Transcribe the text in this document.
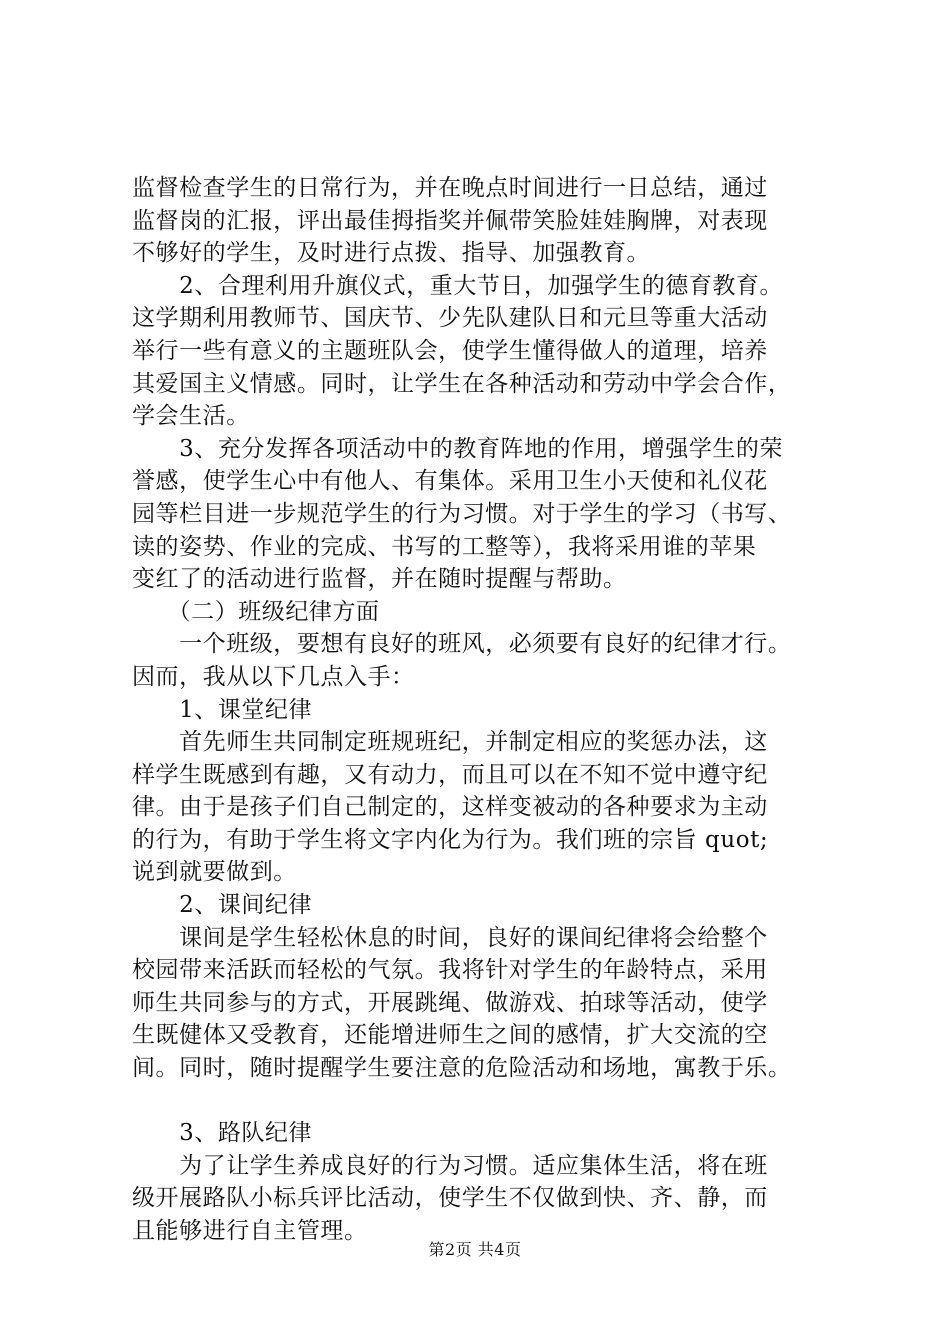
监督检查学生的日常行为，并在晚点时间进行一日总结，通过
监督岗的汇报，评出最佳拇指奖并佩带笑脸娃娃胸牌，对表现
不够好的学生，及时进行点拨、指导、加强教育。
　　2、合理利用升旗仪式，重大节日，加强学生的德育教育。
这学期利用教师节、国庆节、少先队建队日和元旦等重大活动
举行一些有意义的主题班队会，使学生懂得做人的道理，培养
其爱国主义情感。同时，让学生在各种活动和劳动中学会合作，
学会生活。
　　3、充分发挥各项活动中的教育阵地的作用，增强学生的荣
誉感，使学生心中有他人、有集体。采用卫生小天使和礼仪花
园等栏目进一步规范学生的行为习惯。对于学生的学习（书写、
读的姿势、作业的完成、书写的工整等），我将采用谁的苹果
变红了的活动进行监督，并在随时提醒与帮助。
　　（二）班级纪律方面
　　一个班级，要想有良好的班风，必须要有良好的纪律才行。
因而，我从以下几点入手：
　　1、课堂纪律
　　首先师生共同制定班规班纪，并制定相应的奖惩办法，这
样学生既感到有趣，又有动力，而且可以在不知不觉中遵守纪
律。由于是孩子们自己制定的，这样变被动的各种要求为主动
的行为，有助于学生将文字内化为行为。我们班的宗旨 quot;
说到就要做到。
　　2、课间纪律
　　课间是学生轻松休息的时间，良好的课间纪律将会给整个
校园带来活跃而轻松的气氛。我将针对学生的年龄特点，采用
师生共同参与的方式，开展跳绳、做游戏、拍球等活动，使学
生既健体又受教育，还能增进师生之间的感情，扩大交流的空
间。同时，随时提醒学生要注意的危险活动和场地，寓教于乐。
　　3、路队纪律
　　为了让学生养成良好的行为习惯。适应集体生活，将在班
级开展路队小标兵评比活动，使学生不仅做到快、齐、静，而
且能够进行自主管理。
第2页 共4页
